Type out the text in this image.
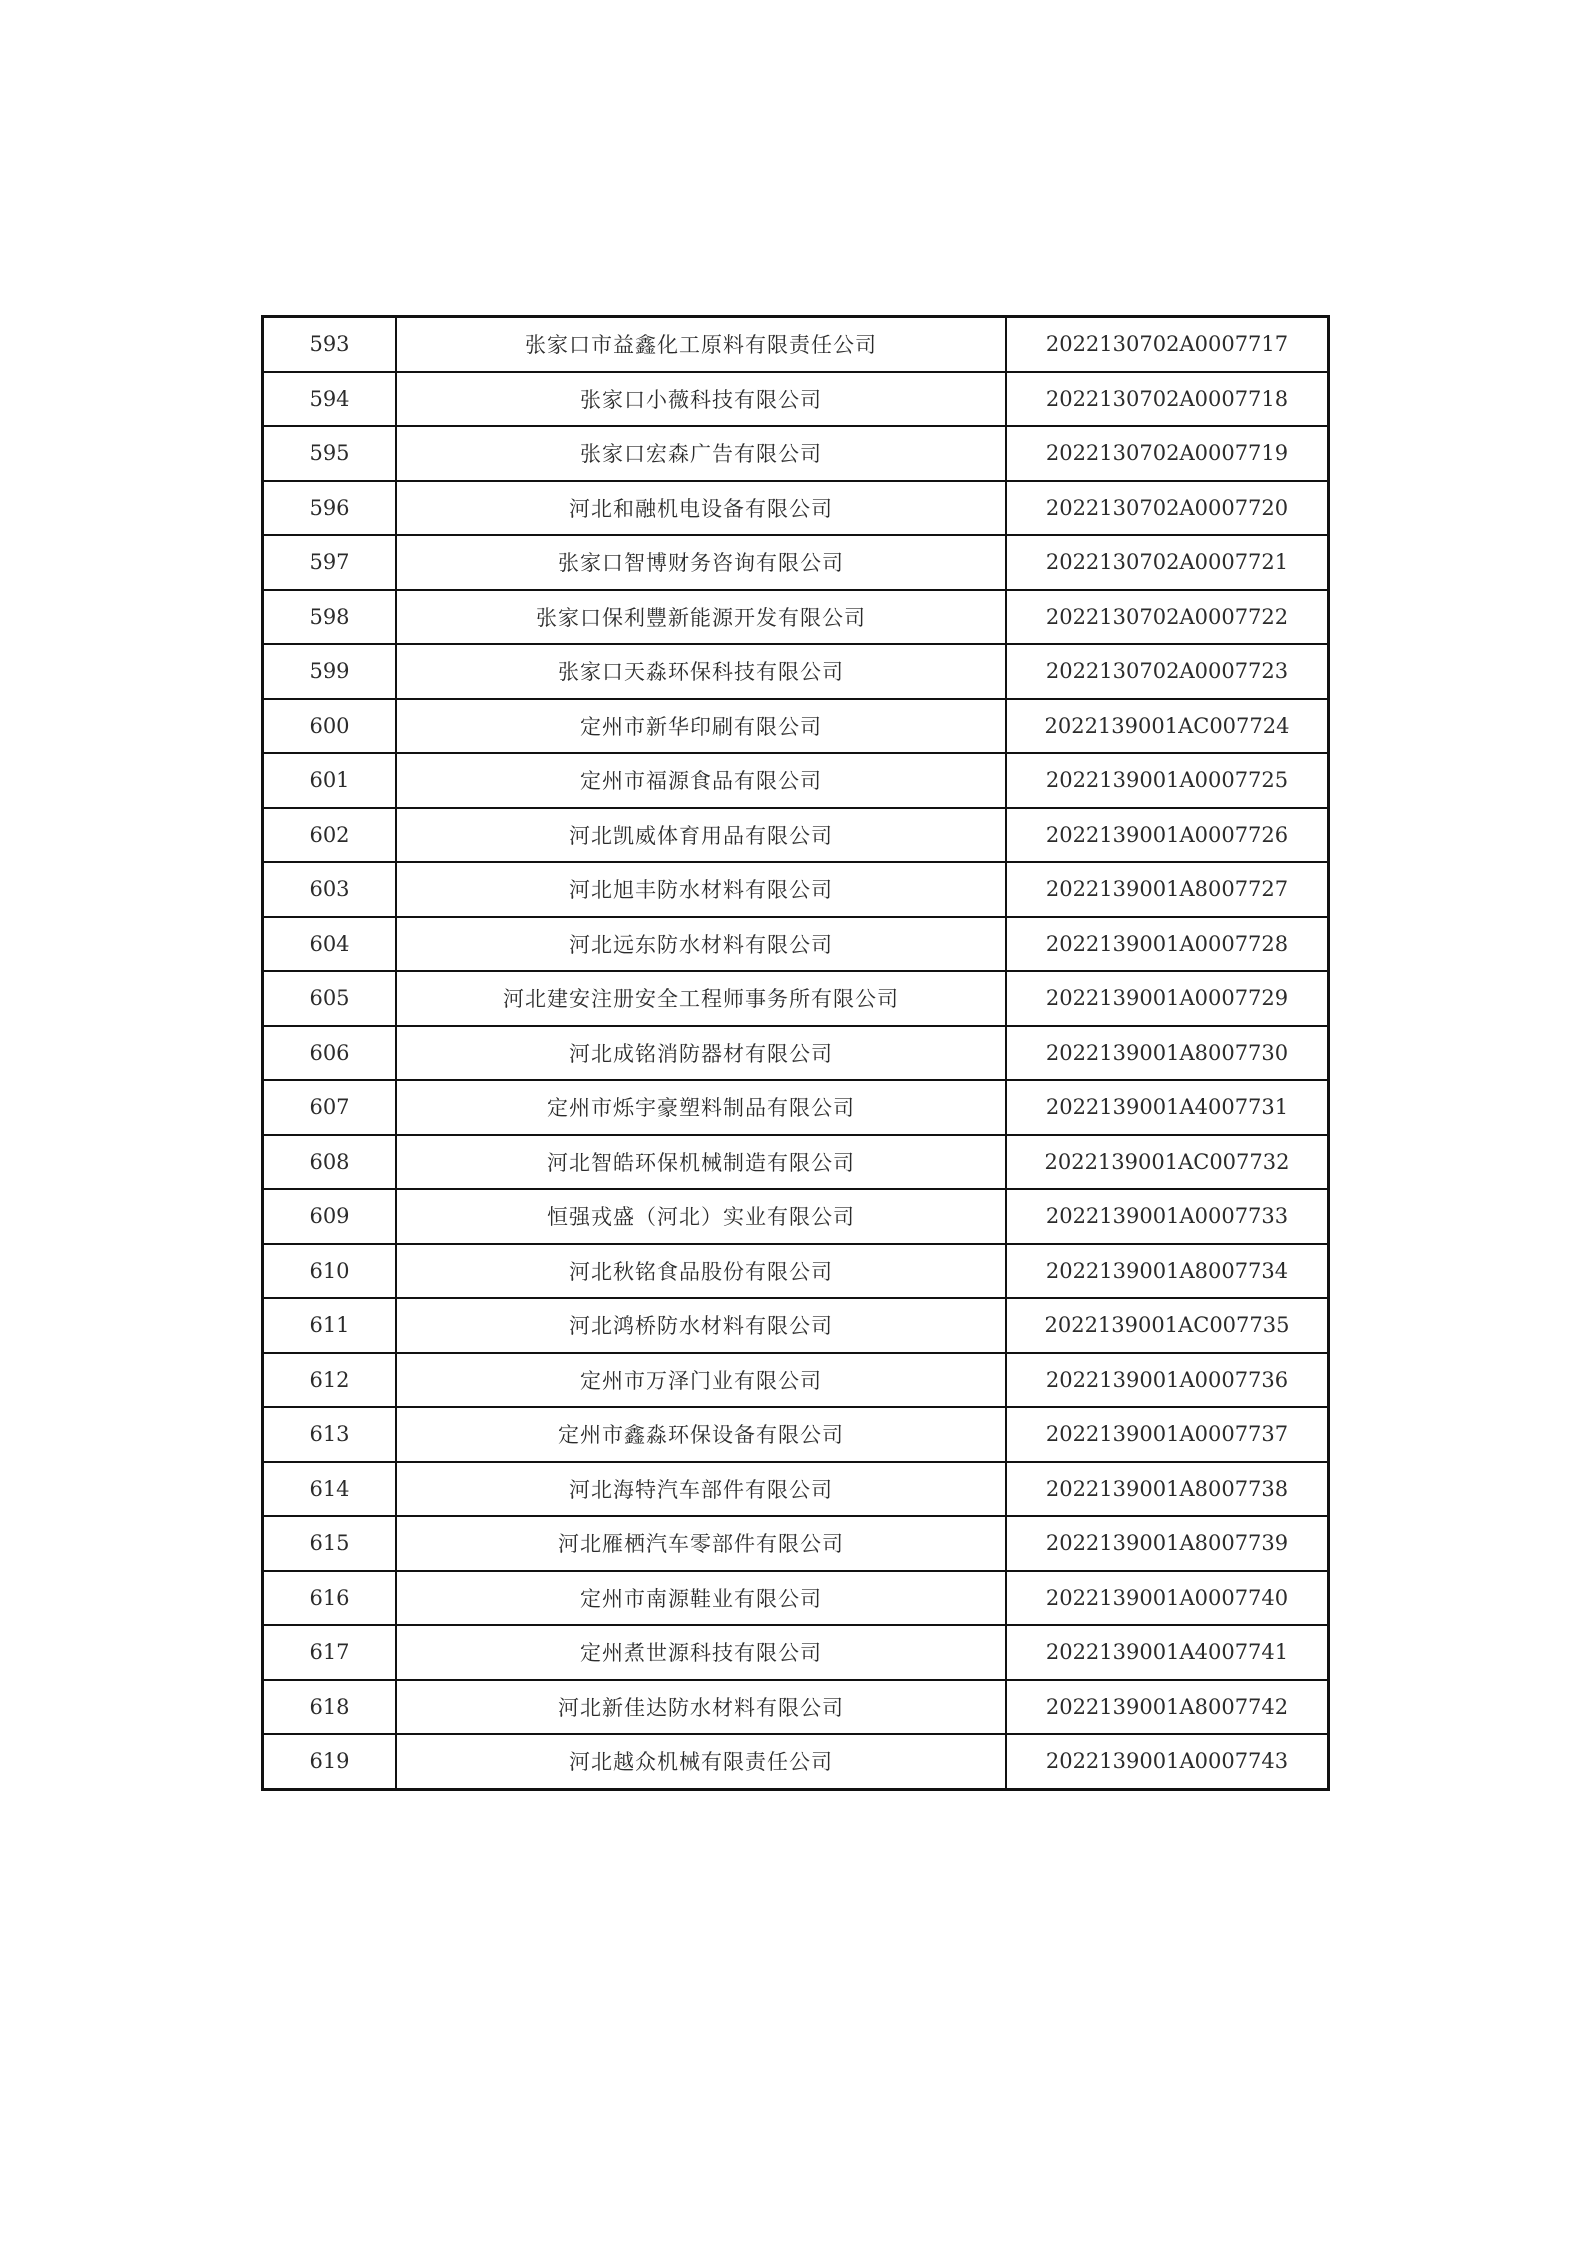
593	张家口市益鑫化工原料有限责任公司	2022130702A0007717
594	张家口小薇科技有限公司	2022130702A0007718
595	张家口宏森广告有限公司	2022130702A0007719
596	河北和融机电设备有限公司	2022130702A0007720
597	张家口智博财务咨询有限公司	2022130702A0007721
598	张家口保利豐新能源开发有限公司	2022130702A0007722
599	张家口天淼环保科技有限公司	2022130702A0007723
600	定州市新华印刷有限公司	2022139001AC007724
601	定州市福源食品有限公司	2022139001A0007725
602	河北凯威体育用品有限公司	2022139001A0007726
603	河北旭丰防水材料有限公司	2022139001A8007727
604	河北远东防水材料有限公司	2022139001A0007728
605	河北建安注册安全工程师事务所有限公司	2022139001A0007729
606	河北成铭消防器材有限公司	2022139001A8007730
607	定州市烁宇豪塑料制品有限公司	2022139001A4007731
608	河北智皓环保机械制造有限公司	2022139001AC007732
609	恒强戎盛（河北）实业有限公司	2022139001A0007733
610	河北秋铭食品股份有限公司	2022139001A8007734
611	河北鸿桥防水材料有限公司	2022139001AC007735
612	定州市万泽门业有限公司	2022139001A0007736
613	定州市鑫淼环保设备有限公司	2022139001A0007737
614	河北海特汽车部件有限公司	2022139001A8007738
615	河北雁栖汽车零部件有限公司	2022139001A8007739
616	定州市南源鞋业有限公司	2022139001A0007740
617	定州煮世源科技有限公司	2022139001A4007741
618	河北新佳达防水材料有限公司	2022139001A8007742
619	河北越众机械有限责任公司	2022139001A0007743
